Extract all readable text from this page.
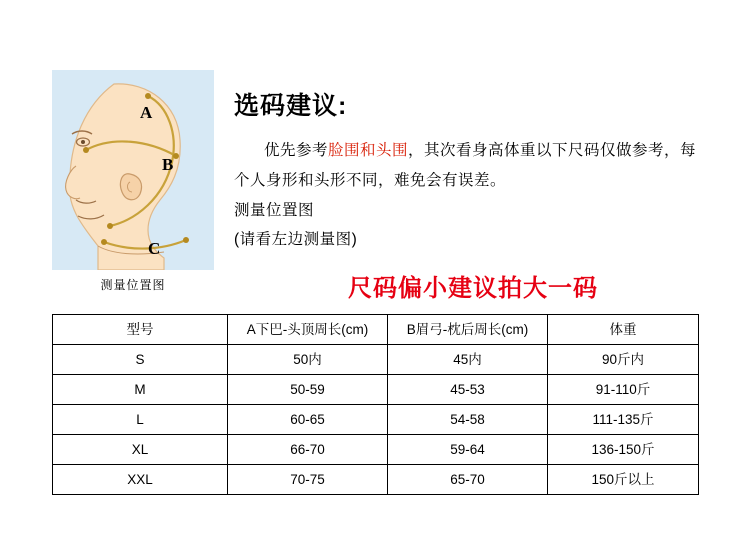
A
B
C
测量位置图
选码建议:

优先参考脸围和头围，其次看身高体重以下尺码仅做参考，每个人身形和头形不同，难免会有误差。

测量位置图
(请看左边测量图)
尺码偏小建议拍大一码
型号	A下巴-头顶周长(cm)	B眉弓-枕后周长(cm)	体重
S	50内	45内	90斤内
M	50-59	45-53	91-110斤
L	60-65	54-58	111-135斤
XL	66-70	59-64	136-150斤
XXL	70-75	65-70	150斤以上
